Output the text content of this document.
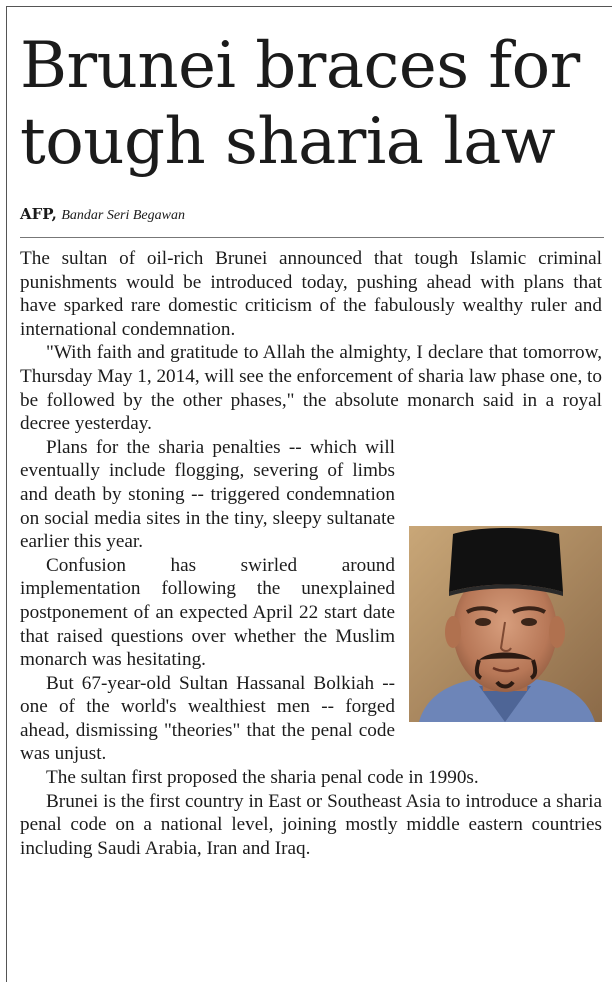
Brunei braces for
tough sharia law
AFP, Bandar Seri Begawan

The sultan of oil-rich Brunei announced that tough Islamic criminal punishments would be introduced today, pushing ahead with plans that have sparked rare domestic criticism of the fabulously wealthy ruler and international condemnation.

"With faith and gratitude to Allah the almighty, I declare that tomorrow, Thursday May 1, 2014, will see the enforcement of sharia law phase one, to be followed by the other phases," the absolute monarch said in a royal decree yesterday.

Plans for the sharia penalties -- which will eventually include flogging, severing of limbs and death by stoning -- triggered condemnation on social media sites in the tiny, sleepy sultanate earlier this year.

Confusion has swirled around implementation following the unexplained postponement of an expected April 22 start date that raised questions over whether the Muslim monarch was hesitating.

But 67-year-old Sultan Hassanal Bolkiah -- one of the world's wealthiest men -- forged ahead, dismissing "theories" that the penal code was unjust.

The sultan first proposed the sharia penal code in 1990s.

Brunei is the first country in East or Southeast Asia to introduce a sharia penal code on a national level, joining mostly middle eastern countries including Saudi Arabia, Iran and Iraq.
